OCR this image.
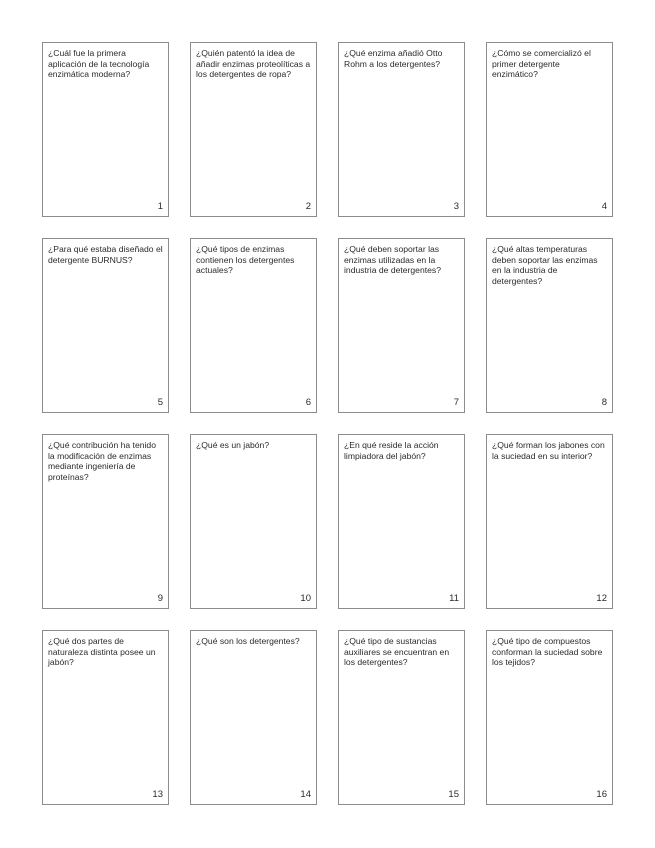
¿Cuál fue la primera aplicación de la tecnología enzimática moderna?
1
¿Quién patentó la idea de añadir enzimas proteolíticas a los detergentes de ropa?
2
¿Qué enzima añadió Otto Rohm a los detergentes?
3
¿Cómo se comercializó el primer detergente enzimático?
4
¿Para qué estaba diseñado el detergente BURNUS?
5
¿Qué tipos de enzimas contienen los detergentes actuales?
6
¿Qué deben soportar las enzimas utilizadas en la industria de detergentes?
7
¿Qué altas temperaturas deben soportar las enzimas en la industria de detergentes?
8
¿Qué contribución ha tenido la modificación de enzimas mediante ingeniería de proteínas?
9
¿Qué es un jabón?
10
¿En qué reside la acción limpiadora del jabón?
11
¿Qué forman los jabones con la suciedad en su interior?
12
¿Qué dos partes de naturaleza distinta posee un jabón?
13
¿Qué son los detergentes?
14
¿Qué tipo de sustancias auxiliares se encuentran en los detergentes?
15
¿Qué tipo de compuestos conforman la suciedad sobre los tejidos?
16
